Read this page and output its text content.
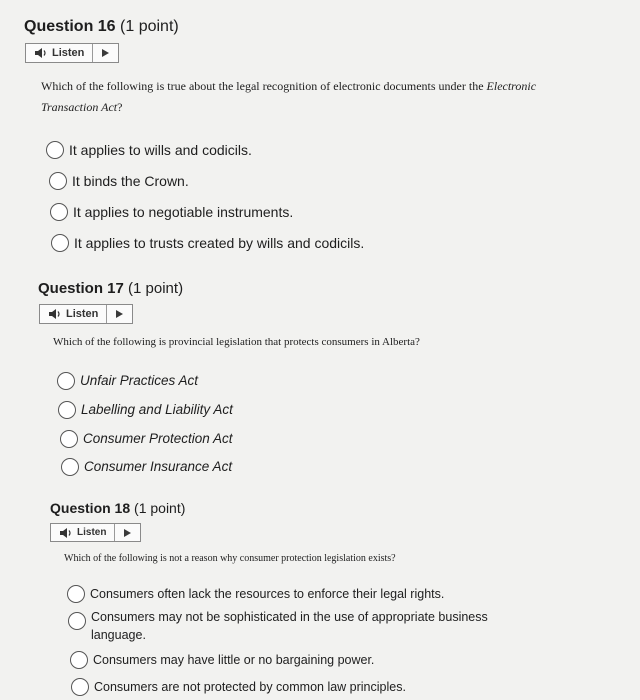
Question 16 (1 point)
Listen

Which of the following is true about the legal recognition of electronic documents under the Electronic Transaction Act?

It applies to wills and codicils.
It binds the Crown.
It applies to negotiable instruments.
It applies to trusts created by wills and codicils.
Question 17 (1 point)
Listen

Which of the following is provincial legislation that protects consumers in Alberta?

Unfair Practices Act
Labelling and Liability Act
Consumer Protection Act
Consumer Insurance Act
Question 18 (1 point)
Listen

Which of the following is not a reason why consumer protection legislation exists?

Consumers often lack the resources to enforce their legal rights.
Consumers may not be sophisticated in the use of appropriate business language.
Consumers may have little or no bargaining power.
Consumers are not protected by common law principles.
